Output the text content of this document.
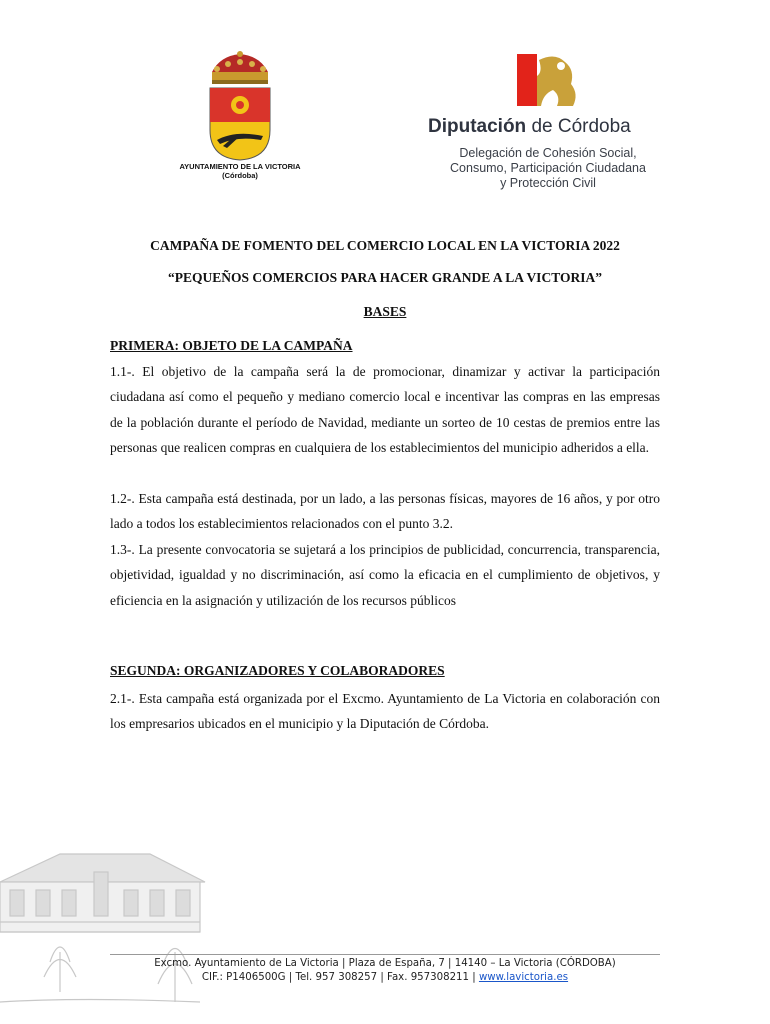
AYUNTAMIENTO DE LA VICTORIA
(Córdoba)
Diputación de Córdoba
Delegación de Cohesión Social,
Consumo, Participación Ciudadana
y Protección Civil
CAMPAÑA DE FOMENTO DEL COMERCIO LOCAL EN LA VICTORIA 2022
“PEQUEÑOS COMERCIOS PARA HACER GRANDE A LA VICTORIA”
BASES
PRIMERA: OBJETO DE LA CAMPAÑA
1.1-. El objetivo de la campaña será la de promocionar, dinamizar y activar la participación ciudadana así como el pequeño y mediano comercio local e incentivar las compras en las empresas de la población durante el período de Navidad, mediante un sorteo de 10 cestas de premios entre las personas que realicen compras en cualquiera de los establecimientos del municipio adheridos a ella.
1.2-. Esta campaña está destinada, por un lado, a las personas físicas, mayores de 16 años, y por otro lado a todos los establecimientos relacionados con el punto 3.2.
1.3-. La presente convocatoria se sujetará a los principios de publicidad, concurrencia, transparencia, objetividad, igualdad y no discriminación, así como la eficacia en el cumplimiento de objetivos, y eficiencia en la asignación y utilización de los recursos públicos
SEGUNDA: ORGANIZADORES Y COLABORADORES
2.1-. Esta campaña está organizada por el Excmo. Ayuntamiento de La Victoria en colaboración con los empresarios ubicados en el municipio y la Diputación de Córdoba.
Excmo. Ayuntamiento de La Victoria | Plaza de España, 7 | 14140 – La Victoria (CÓRDOBA)
CIF.: P1406500G | Tel. 957 308257 | Fax. 957308211 | www.lavictoria.es
